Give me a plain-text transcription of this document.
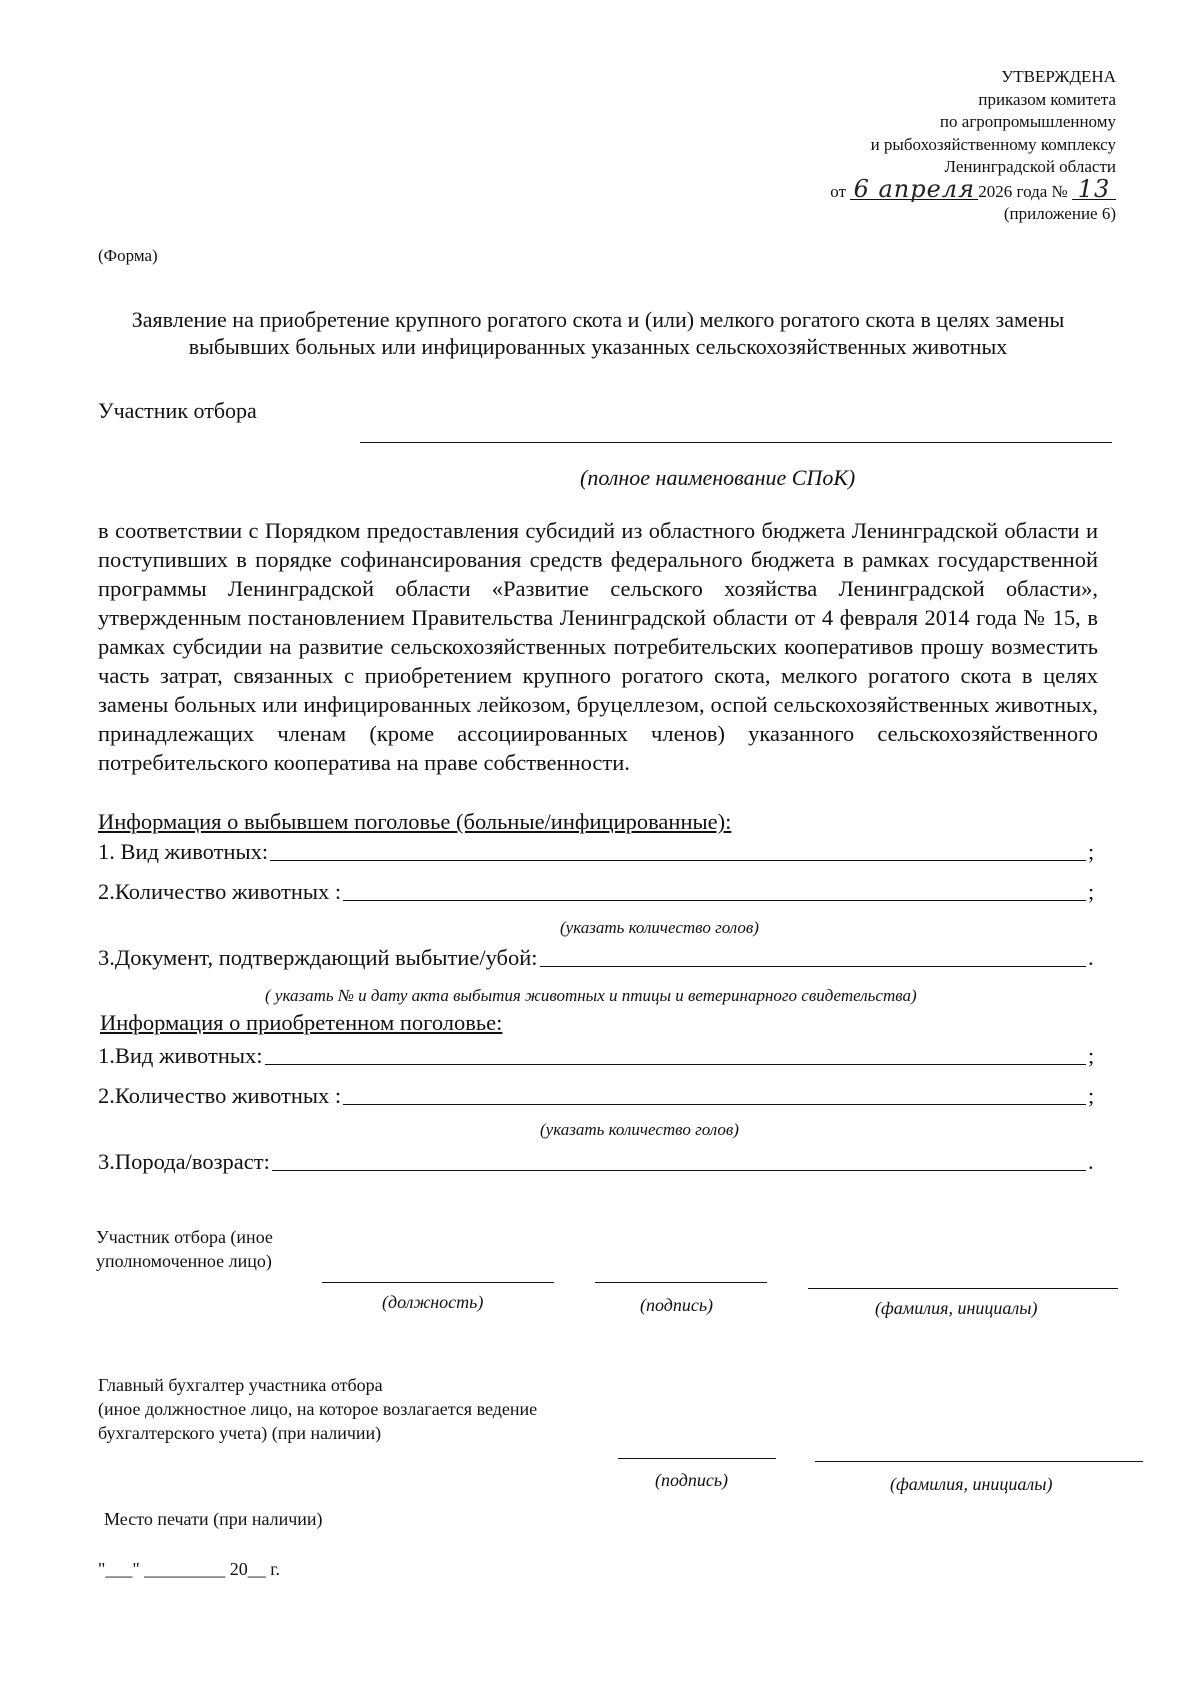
УТВЕРЖДЕНА
приказом комитета
по агропромышленному
и рыбохозяйственному комплексу
Ленинградской области
от 6 апреля 2026 года № 13
(приложение 6)
(Форма)
Заявление на приобретение крупного рогатого скота и (или) мелкого рогатого скота в целях замены выбывших больных или инфицированных указанных сельскохозяйственных животных
Участник отбора
(полное наименование СПоК)
в соответствии с Порядком предоставления субсидий из областного бюджета Ленинградской области и поступивших в порядке софинансирования средств федерального бюджета в рамках государственной программы Ленинградской области «Развитие сельского хозяйства Ленинградской области», утвержденным постановлением Правительства Ленинградской области от 4 февраля 2014 года № 15, в рамках субсидии на развитие сельскохозяйственных потребительских кооперативов прошу возместить часть затрат, связанных с приобретением крупного рогатого скота, мелкого рогатого скота в целях замены больных или инфицированных лейкозом, бруцеллезом, оспой сельскохозяйственных животных, принадлежащих членам (кроме ассоциированных членов) указанного сельскохозяйственного потребительского кооператива на праве собственности.
Информация о выбывшем поголовье (больные/инфицированные):
1. Вид животных:	;
2.Количество животных :	;
(указать количество голов)
3.Документ, подтверждающий выбытие/убой:	.
( указать № и дату акта выбытия животных и птицы и ветеринарного свидетельства)
Информация о приобретенном поголовье:
1.Вид животных:	;
2.Количество животных :	;
(указать количество голов)
3.Порода/возраст:	.
Участник отбора (иное
уполномоченное лицо)
(должность)	(подпись)	(фамилия, инициалы)
Главный бухгалтер участника отбора
(иное должностное лицо, на которое возлагается ведение
бухгалтерского учета) (при наличии)
(подпись)	(фамилия, инициалы)
Место печати (при наличии)
"___" _________ 20__ г.
